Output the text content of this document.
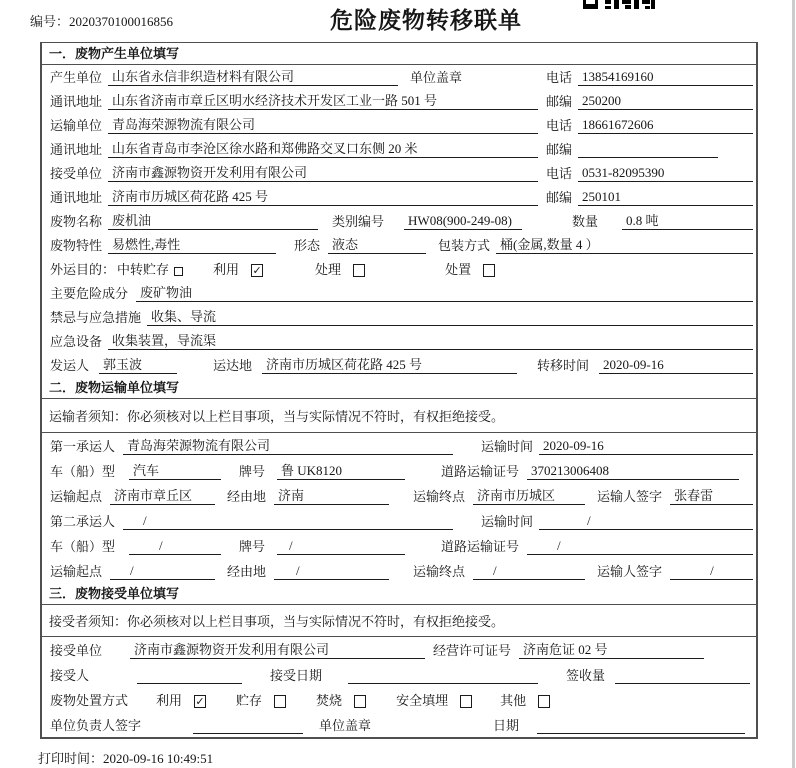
编号：2020370100016856	危险废物转移联单
一．废物产生单位填写
产生单位 山东省永信非织造材料有限公司	单位盖章	电话 13854169160
通讯地址 山东省济南市章丘区明水经济技术开发区工业一路 501 号	邮编 250200
运输单位 青岛海荣源物流有限公司	电话 18661672606
通讯地址 山东省青岛市李沧区徐水路和郑佛路交叉口东侧 20 米	邮编
接受单位 济南市鑫源物资开发利用有限公司	电话 0531-82095390
通讯地址 济南市历城区荷花路 425 号	邮编 250101
废物名称 废机油	类别编号	HW08(900-249-08)	数量	0.8 吨
废物特性 易燃性,毒性	形态 液态	包装方式 桶(金属,数量 4 ）
外运目的： 中转贮存	利用 ✓	处理	处置
主要危险成分 废矿物油
禁忌与应急措施 收集、导流
应急设备 收集装置，导流渠
发运人	郭玉波	运达地	济南市历城区荷花路 425 号	转移时间	2020-09-16
二．废物运输单位填写
运输者须知：你必须核对以上栏目事项，当与实际情况不符时，有权拒绝接受。
第一承运人 青岛海荣源物流有限公司	运输时间 2020-09-16
车（船）型	汽车	牌号	鲁 UK8120	道路运输证号 370213006408
运输起点 济南市章丘区	经由地 济南	运输终点 济南市历城区	运输人签字 张春雷
第二承运人	/	运输时间	/
车（船）型	/	牌号	/	道路运输证号	/
运输起点	/	经由地	/	运输终点	/	运输人签字	/
三．废物接受单位填写
接受者须知：你必须核对以上栏目事项，当与实际情况不符时，有权拒绝接受。
接受单位	济南市鑫源物资开发利用有限公司	经营许可证号 济南危证 02 号
接受人	接受日期	签收量
废物处置方式 利用 ✓ 贮存	焚烧	安全填埋	其他
单位负责人签字	单位盖章	日期
打印时间：2020-09-16 10:49:51
